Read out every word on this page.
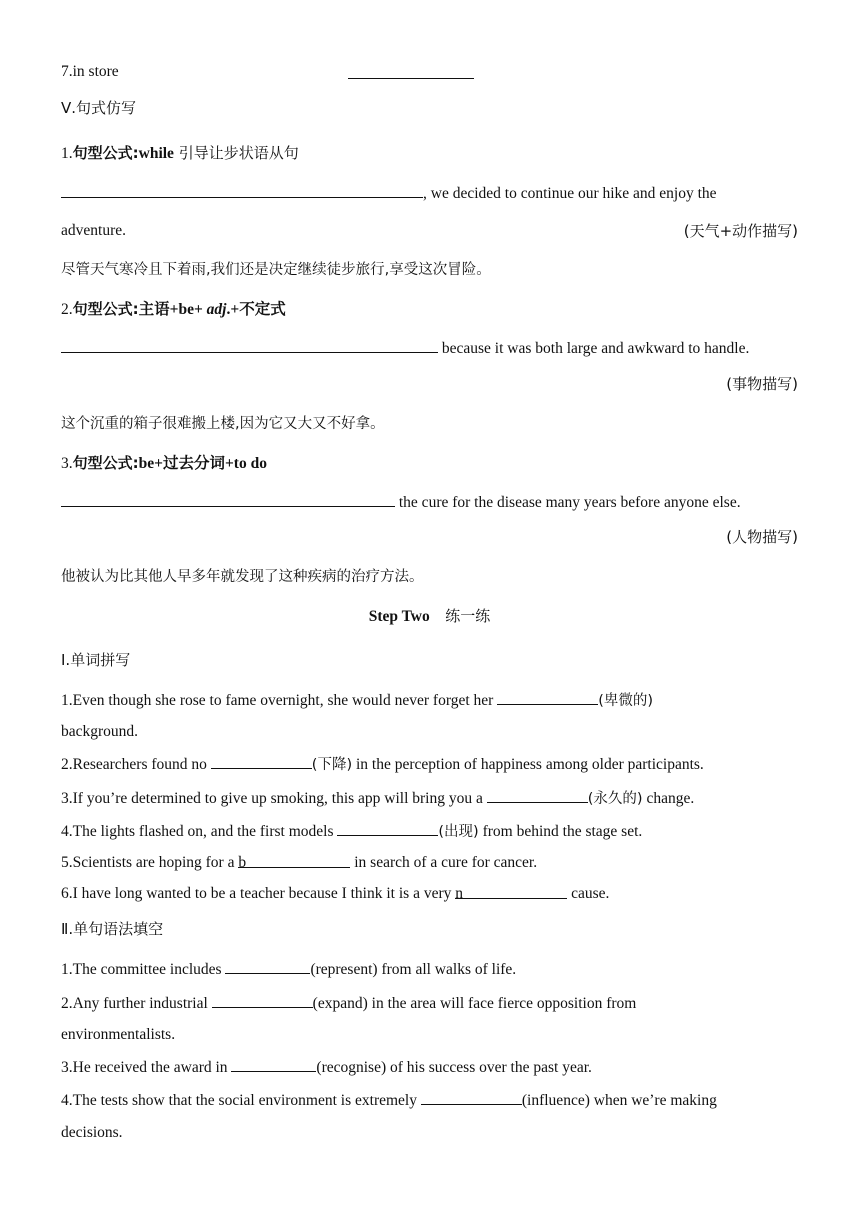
7.in store
Ⅴ.句式仿写
1.句型公式:while 引导让步状语从句
, we decided to continue our hike and enjoy the
adventure.	(天气+动作描写)
尽管天气寒冷且下着雨,我们还是决定继续徒步旅行,享受这次冒险。
2.句型公式:主语+be+ adj.+不定式
because it was both large and awkward to handle.
(事物描写)
这个沉重的箱子很难搬上楼,因为它又大又不好拿。
3.句型公式:be+过去分词+to do
the cure for the disease many years before anyone else.
(人物描写)
他被认为比其他人早多年就发现了这种疾病的治疗方法。
Step Two 练一练
Ⅰ.单词拼写
1.Even though she rose to fame overnight, she would never forget her	(卑微的)
background.
2.Researchers found no	(下降) in the perception of happiness among older participants.
3.If you’re determined to give up smoking, this app will bring you a	(永久的) change.
4.The lights flashed on, and the first models	(出现) from behind the stage set.
5.Scientists are hoping for a b	in search of a cure for cancer.
6.I have long wanted to be a teacher because I think it is a very n	cause.
Ⅱ.单句语法填空
1.The committee includes	(represent) from all walks of life.
2.Any further industrial	(expand) in the area will face fierce opposition from
environmentalists.
3.He received the award in	(recognise) of his success over the past year.
4.The tests show that the social environment is extremely	(influence) when we’re making
decisions.
